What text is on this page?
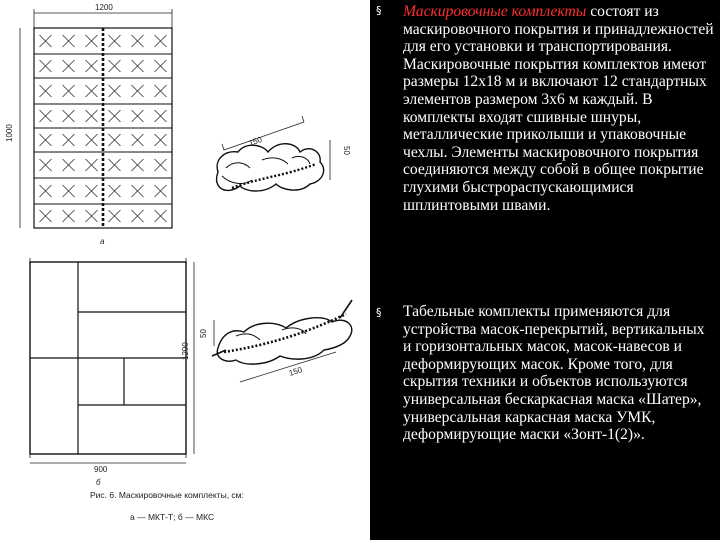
1200
1000
а
150
50
1200
900
б
50
150
Рис. 6. Маскировочные комплекты, см:
а — МКТ-Т; б — МКС
§ Маскировочные комплекты состоят из маскировочного покрытия и принадлежностей для его установки и транспортирования. Маскировочные покрытия комплектов имеют размеры 12x18 м и включают 12 стандартных элементов размером 3x6 м каждый. В комплекты входят сшивные шнуры, металлические приколыши и упаковочные чехлы. Элементы маскировочного покрытия соединяются между собой в общее покрытие глухими быстрораспускающимися шплинтовыми швами.

§ Табельные комплекты применяются для устройства масок-перекрытий, вертикальных и горизонтальных масок, масок-навесов и деформирующих масок. Кроме того, для скрытия техники и объектов используются универсальная бескаркасная маска «Шатер», универсальная каркасная маска УМК, деформирующие маски «Зонт-1(2)».
